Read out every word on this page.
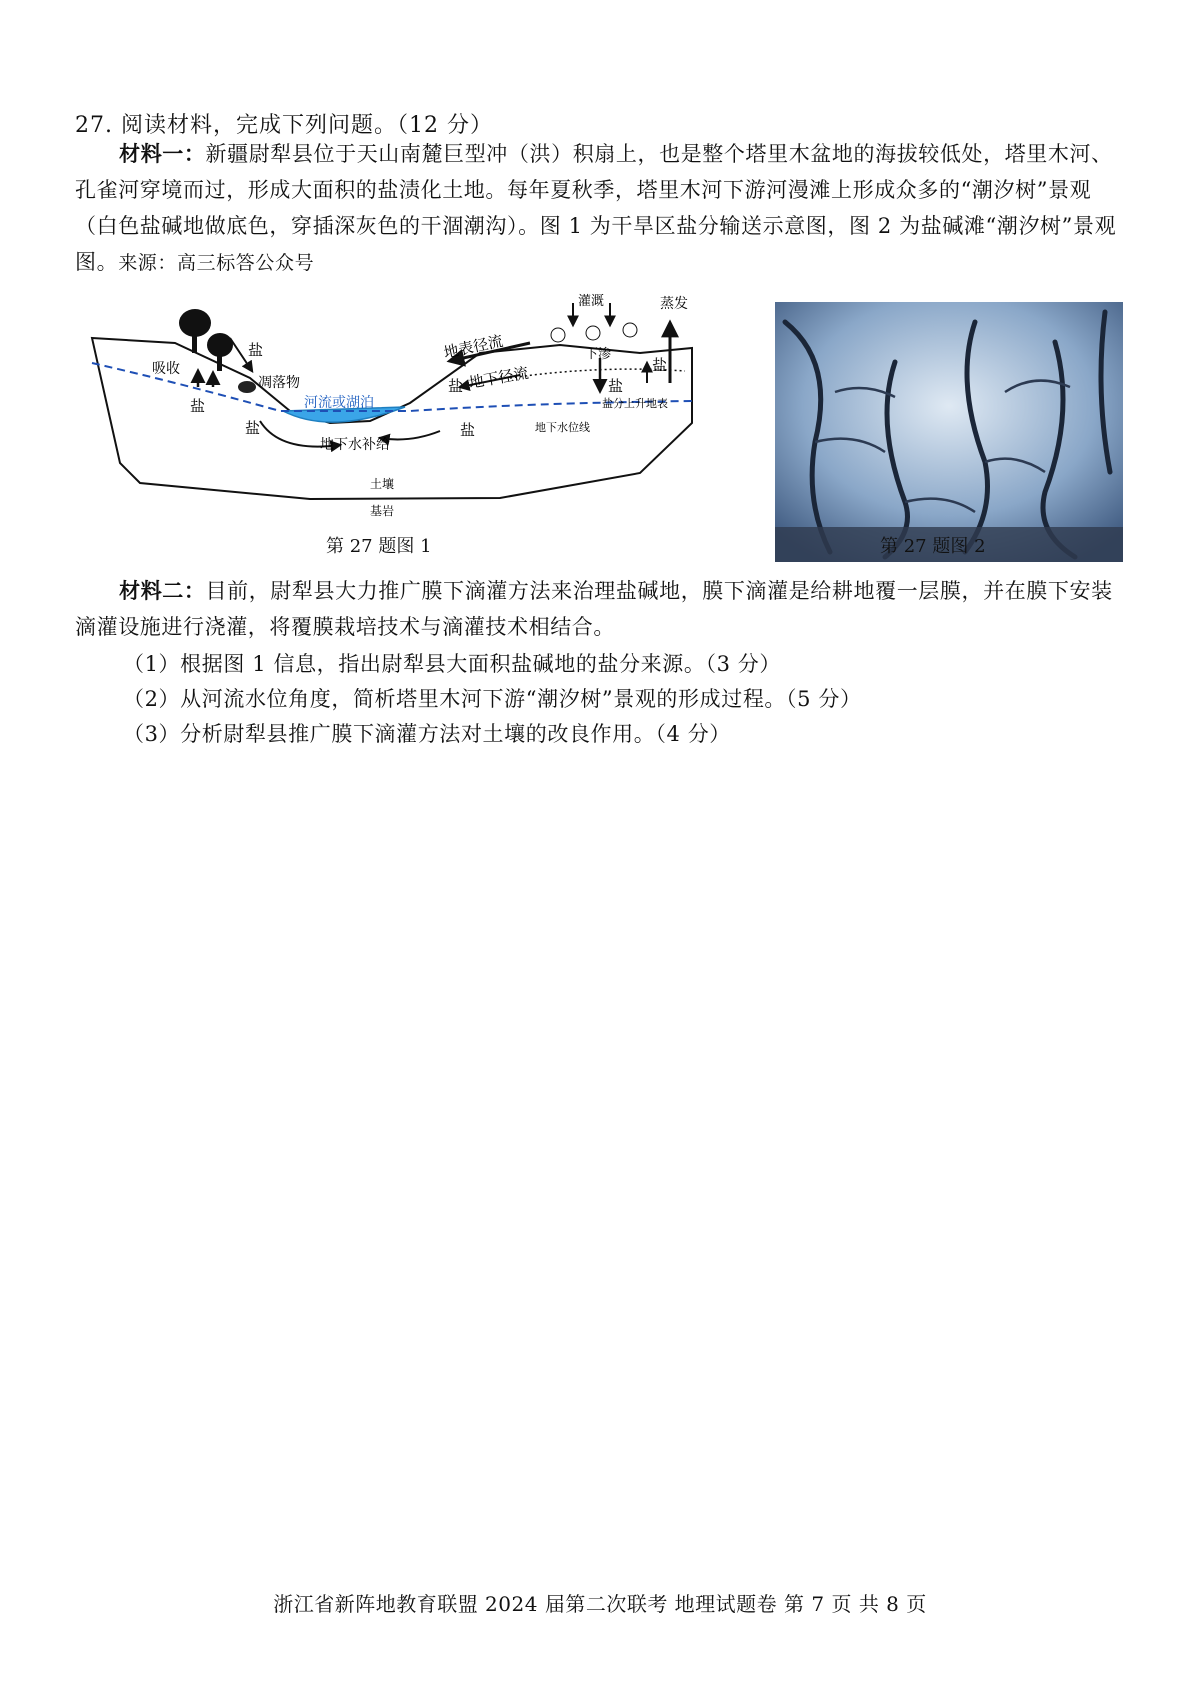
27. 阅读材料，完成下列问题。（12 分）
材料一：新疆尉犁县位于天山南麓巨型冲（洪）积扇上，也是整个塔里木盆地的海拔较低处，塔里木河、孔雀河穿境而过，形成大面积的盐渍化土地。每年夏秋季，塔里木河下游河漫滩上形成众多的“潮汐树”景观（白色盐碱地做底色，穿插深灰色的干涸潮沟）。图 1 为干旱区盐分输送示意图，图 2 为盐碱滩“潮汐树”景观图。来源：高三标答公众号
吸收
盐
盐
凋落物
河流或湖泊
盐
地下水补给
盐
地表径流
盐 地下径流
灌溉	蒸发
下渗
盐
盐
盐分上升地表
地下水位线
土壤
基岩
第 27 题图 1	第 27 题图 2
材料二：目前，尉犁县大力推广膜下滴灌方法来治理盐碱地，膜下滴灌是给耕地覆一层膜，并在膜下安装滴灌设施进行浇灌，将覆膜栽培技术与滴灌技术相结合。
（1）根据图 1 信息，指出尉犁县大面积盐碱地的盐分来源。（3 分）
（2）从河流水位角度，简析塔里木河下游“潮汐树”景观的形成过程。（5 分）
（3）分析尉犁县推广膜下滴灌方法对土壤的改良作用。（4 分）
浙江省新阵地教育联盟 2024 届第二次联考 地理试题卷 第 7 页 共 8 页
